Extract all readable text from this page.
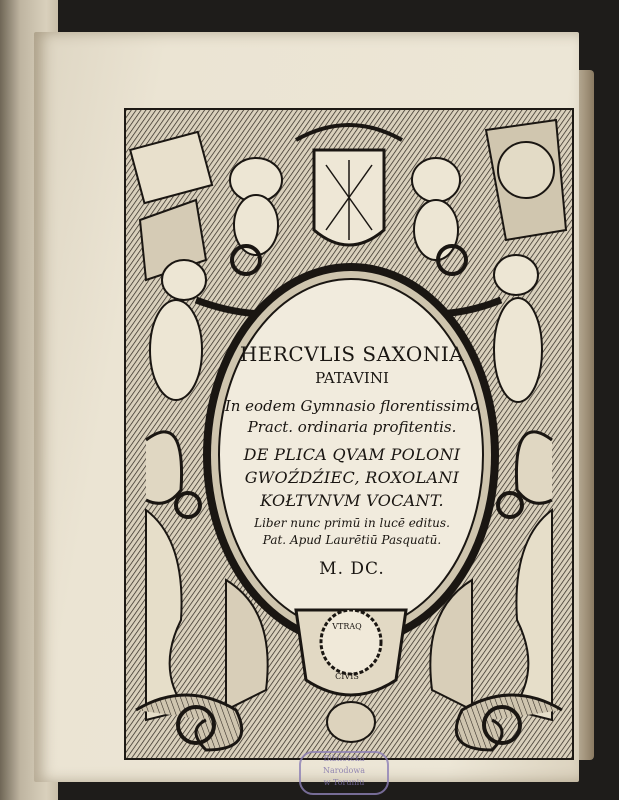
HERCVLIS SAXONIA
PATAVINI
In eodem Gymnasio florentissimo
Pract. ordinaria profitentis.
DE PLICA QVAM POLONI
GWOŹDŹIEC, ROXOLANI
KOŁTVNVM VOCANT.
Liber nunc primū in lucē editus.
Pat. Apud Laurētiū Pasquatū.
M. DC.
VTRAQ
CIVIS
Biblioteka
Narodowa
w Toruniu
